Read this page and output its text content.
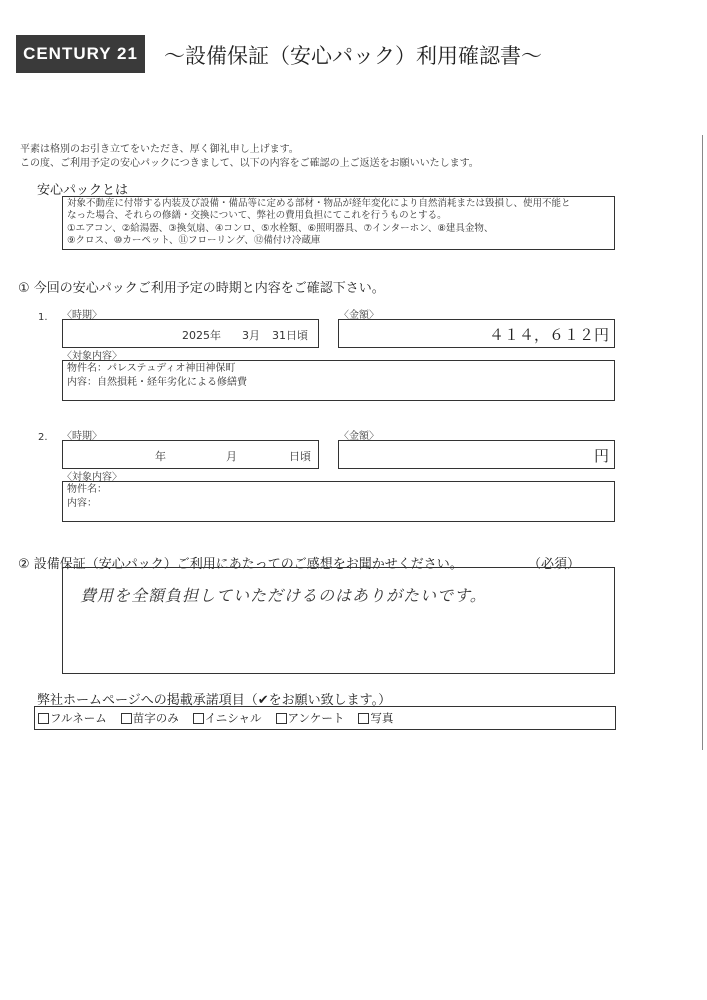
CENTURY 21	～設備保証（安心パック）利用確認書～
平素は格別のお引き立てをいただき、厚く御礼申し上げます。
この度、ご利用予定の安心パックにつきまして、以下の内容をご確認の上ご返送をお願いいたします。
安心パックとは
対象不動産に付帯する内装及び設備・備品等に定める部材・物品が経年変化により自然消耗または毀損し、使用不能と
なった場合、それらの修繕・交換について、弊社の費用負担にてこれを行うものとする。
①エアコン、②給湯器、③換気扇、④コンロ、⑤水栓類、⑥照明器具、⑦インターホン、⑧建具金物、
⑨クロス、⑩カーペット、⑪フローリング、⑫備付け冷蔵庫
① 今回の安心パックご利用予定の時期と内容をご確認下さい。
1. 〈時期〉
2025年 3月 31日頃
〈金額〉
４１４，６１２円
〈対象内容〉
物件名：パレステュディオ神田神保町
内容：自然損耗・経年劣化による修繕費
2. 〈時期〉
年	月	日頃
〈金額〉
円
〈対象内容〉
物件名：
内容：
② 設備保証（安心パック）ご利用にあたってのご感想をお聞かせください。	（必須）
費用を全額負担していただけるのはありがたいです。
弊社ホームページへの掲載承諾項目（✔をお願い致します。）
フルネーム 苗字のみ イニシャル アンケート 写真
